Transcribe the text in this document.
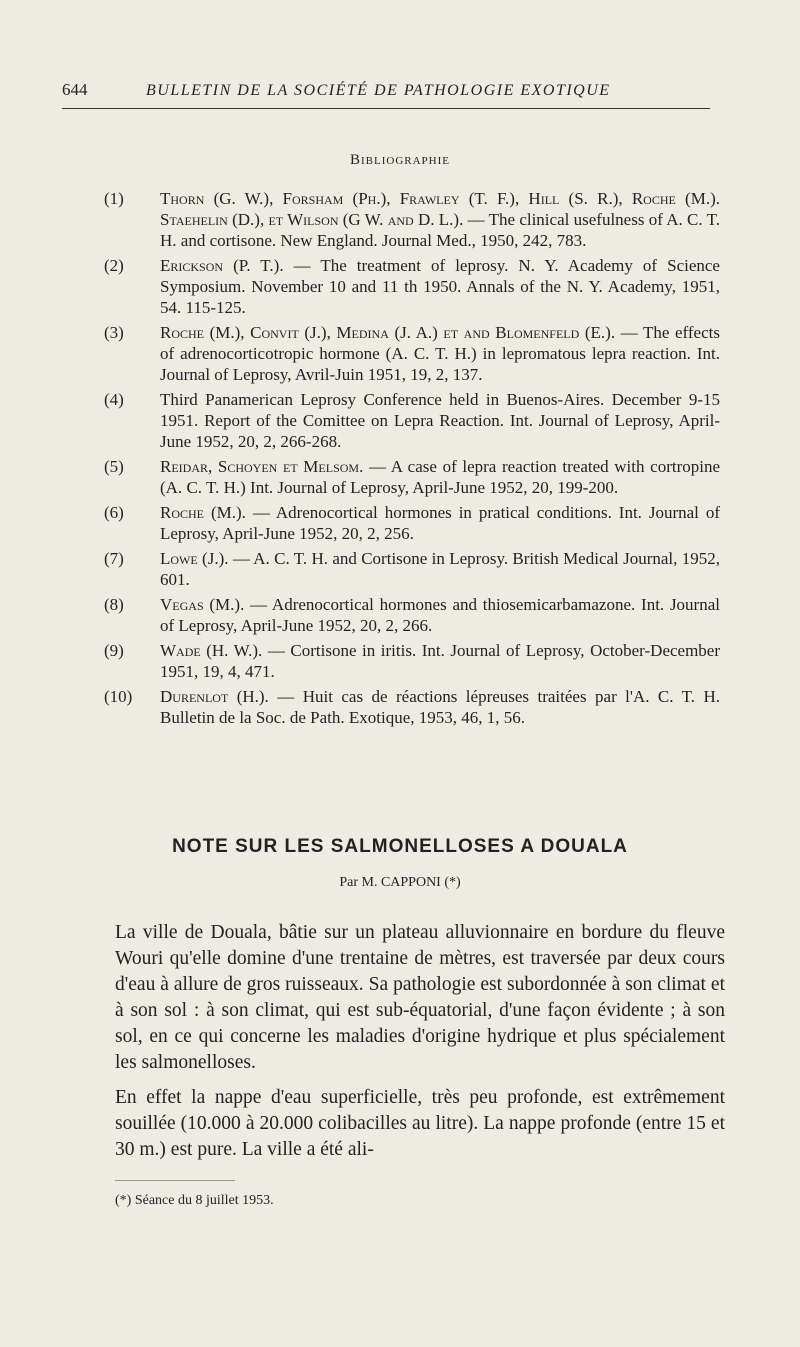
644	BULLETIN DE LA SOCIÉTÉ DE PATHOLOGIE EXOTIQUE
Bibliographie
(1)	Thorn (G. W.), Forsham (Ph.), Frawley (T. F.), Hill (S. R.), Roche (M.). Staehelin (D.), et Wilson (G W. and D. L.). — The clinical usefulness of A. C. T. H. and cortisone. New England. Journal Med., 1950, 242, 783.
(2)	Erickson (P. T.). — The treatment of leprosy. N. Y. Academy of Science Symposium. November 10 and 11 th 1950. Annals of the N. Y. Academy, 1951, 54. 115-125.
(3)	Roche (M.), Convit (J.), Medina (J. A.) et and Blomenfeld (E.). — The effects of adrenocorticotropic hormone (A. C. T. H.) in lepromatous lepra reaction. Int. Journal of Leprosy, Avril-Juin 1951, 19, 2, 137.
(4)	Third Panamerican Leprosy Conference held in Buenos-Aires. December 9-15 1951. Report of the Comittee on Lepra Reaction. Int. Journal of Leprosy, April-June 1952, 20, 2, 266-268.
(5)	Reidar, Schoyen et Melsom. — A case of lepra reaction treated with cortropine (A. C. T. H.) Int. Journal of Leprosy, April-June 1952, 20, 199-200.
(6)	Roche (M.). — Adrenocortical hormones in pratical conditions. Int. Journal of Leprosy, April-June 1952, 20, 2, 256.
(7)	Lowe (J.). — A. C. T. H. and Cortisone in Leprosy. British Medical Journal, 1952, 601.
(8)	Vegas (M.). — Adrenocortical hormones and thiosemicarbamazone. Int. Journal of Leprosy, April-June 1952, 20, 2, 266.
(9)	Wade (H. W.). — Cortisone in iritis. Int. Journal of Leprosy, October-December 1951, 19, 4, 471.
(10)	Durenlot (H.). — Huit cas de réactions lépreuses traitées par l'A. C. T. H. Bulletin de la Soc. de Path. Exotique, 1953, 46, 1, 56.
NOTE SUR LES SALMONELLOSES A DOUALA
Par M. CAPPONI (*)

La ville de Douala, bâtie sur un plateau alluvionnaire en bordure du fleuve Wouri qu'elle domine d'une trentaine de mètres, est traversée par deux cours d'eau à allure de gros ruisseaux. Sa pathologie est subordonnée à son climat et à son sol : à son climat, qui est sub-équatorial, d'une façon évidente ; à son sol, en ce qui concerne les maladies d'origine hydrique et plus spécialement les salmonelloses.

En effet la nappe d'eau superficielle, très peu profonde, est extrêmement souillée (10.000 à 20.000 colibacilles au litre). La nappe profonde (entre 15 et 30 m.) est pure. La ville a été ali-

(*) Séance du 8 juillet 1953.
